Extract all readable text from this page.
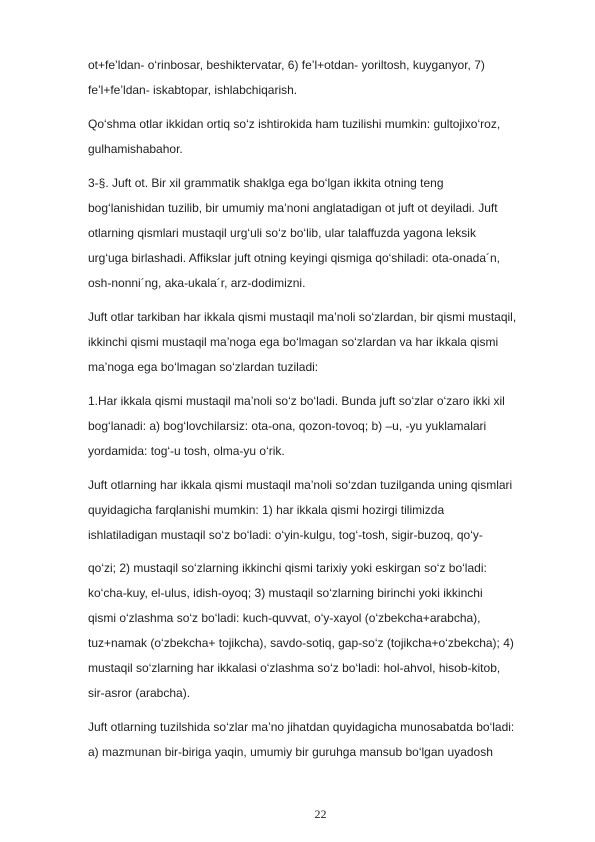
ot+fe’ldan- o‘rinbosar, beshiktervatar, 6) fe’l+otdan- yoriltosh, kuyganyor, 7)
fe’l+fe’ldan- iskabtopar, ishlabchiqarish.
Qo‘shma otlar ikkidan ortiq so‘z ishtirokida ham tuzilishi mumkin: gultojixo‘roz,
gulhamishabahor.
3-§. Juft ot. Bir xil grammatik shaklga ega bo‘lgan ikkita otning teng
bog‘lanishidan tuzilib, bir umumiy ma’noni anglatadigan ot juft ot deyiladi. Juft
otlarning qismlari mustaqil urg‘uli so‘z bo‘lib, ular talaffuzda yagona leksik
urg‘uga birlashadi. Affikslar juft otning keyingi qismiga qo‘shiladi: ota-onada´n,
osh-nonni´ng, aka-ukala´r, arz-dodimizni.
Juft otlar tarkiban har ikkala qismi mustaqil ma’noli so‘zlardan, bir qismi mustaqil,
ikkinchi qismi mustaqil ma’noga ega bo‘lmagan so‘zlardan va har ikkala qismi
ma’noga ega bo‘lmagan so‘zlardan tuziladi:
1.Har ikkala qismi mustaqil ma’noli so‘z bo‘ladi. Bunda juft so‘zlar o‘zaro ikki xil
bog‘lanadi: a) bog‘lovchilarsiz: ota-ona, qozon-tovoq; b) –u, -yu yuklamalari
yordamida: tog‘-u tosh, olma-yu o‘rik.
Juft otlarning har ikkala qismi mustaqil ma’noli so‘zdan tuzilganda uning qismlari
quyidagicha farqlanishi mumkin: 1) har ikkala qismi hozirgi tilimizda
ishlatiladigan mustaqil so‘z bo‘ladi: o‘yin-kulgu, tog‘-tosh, sigir-buzoq, qo‘y-
qo‘zi; 2) mustaqil so‘zlarning ikkinchi qismi tarixiy yoki eskirgan so‘z bo‘ladi:
ko‘cha-kuy, el-ulus, idish-oyoq; 3) mustaqil so‘zlarning birinchi yoki ikkinchi
qismi o‘zlashma so‘z bo‘ladi: kuch-quvvat, o‘y-xayol (o‘zbekcha+arabcha),
tuz+namak (o‘zbekcha+ tojikcha), savdo-sotiq, gap-so‘z (tojikcha+o‘zbekcha); 4)
mustaqil so‘zlarning har ikkalasi o‘zlashma so‘z bo‘ladi: hol-ahvol, hisob-kitob,
sir-asror (arabcha).
Juft otlarning tuzilshida so‘zlar ma’no jihatdan quyidagicha munosabatda bo‘ladi:
a) mazmunan bir-biriga yaqin, umumiy bir guruhga mansub bo‘lgan uyadosh
22
